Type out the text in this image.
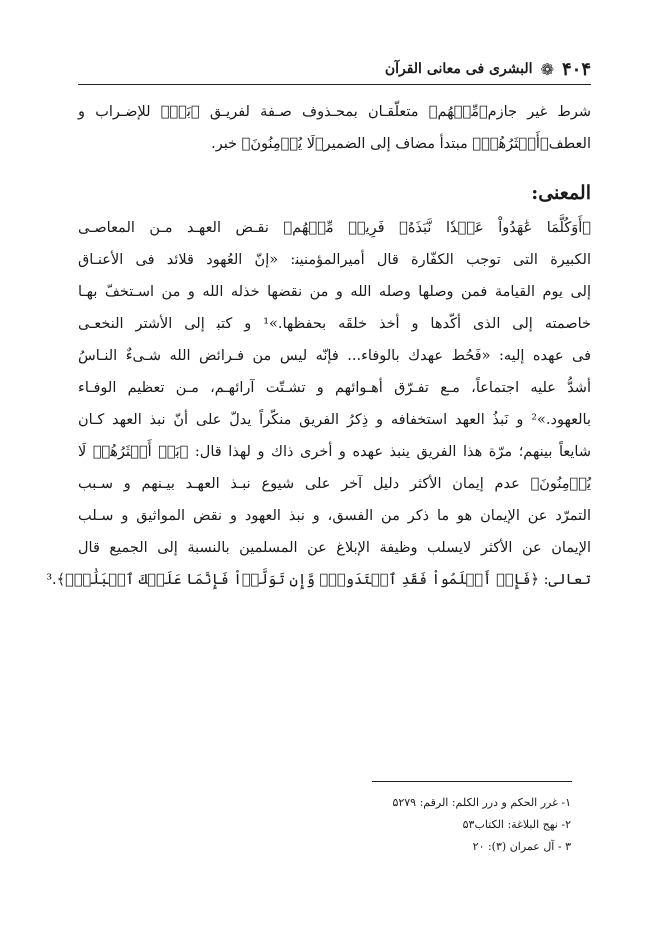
۴۰۴
❁
البشری فی معانی القرآن
شرط غیر جازم﴿مِّنۡهُم﴾ متعلّقـان بمحـذوف صـفة لفریـق ﴿بَلۡ﴾ للإضـراب و
العطف﴿أَكۡثَرُهُمۡ﴾ مبتدأ مضاف إلی الضمیر﴿لَا يُؤۡمِنُونَ﴾ خبر.
المعنی:
﴿أَوَكُلَّمَا عَٰهَدُواْ عَهۡدٗا نَّبَذَهُۥ فَرِيقٞ مِّنۡهُم﴾ نقـض العهـد مـن المعاصـی
الكبیرة التی توجب الكفّارة قال أمیرالمؤمنین‍: «إنّ العُهود قلائد فی الأعنـاق
إلی یوم القیامة فمن وصلها وصله الله و من نقضها خذله الله و من اسـتخفّ بهـا
خاصمته إلی الذی أكّدها و أخذ خلقَه بحفظها.»¹ و كتب‍ إلی الأشتر النخعـی
فی عهده إلیه: «فَحُط عهدك بالوفاء... فإنّه لیس من فـرائض الله شـیءٌ النـاسُ
أشدُّ علیه اجتماعاً، مـع تفـرّق أهـوائهم و تشـتّت آرائهـم، مـن تعظیم الوفـاء
بالعهود.»² و نَبذُ العهد استخفافه و ذِكرُ الفریق منكّراً یدلّ علی أنّ نبذ العهد كـان
شایعاً بینهم؛ مرّة هذا الفریق ینبذ عهده و أخری ذاك و لهذا قال: ﴿بَلۡ أَكۡثَرُهُمۡ لَا
يُؤۡمِنُونَ﴾ عدم إیمان الأكثر دلیل آخر علی شیوع نبـذ العهـد بیـنهم و سـبب
التمرّد عن الإیمان هو ما ذكر من الفسق، و نبذ العهود و نقض المواثیق و سـلب
الإیمان عن الأكثر لایسلب وظیفة الإبلاغ عن المسلمین بالنسبة إلی الجمیع قال
تعالی: ﴿فَإِنۡ أَسۡلَمُواْ فَقَدِ ٱهۡتَدَواْۖ وَّإِن تَوَلَّوۡاْ فَإِنَّمَا عَلَيۡكَ ٱلۡبَلَٰغُۗ﴾.³
۱- غرر الحكم و درر الكلم: الرقم: ۵۲۷۹
۲- نهج البلاغة: الكتاب۵۳
۳ - آل عمران (۳): ۲۰
